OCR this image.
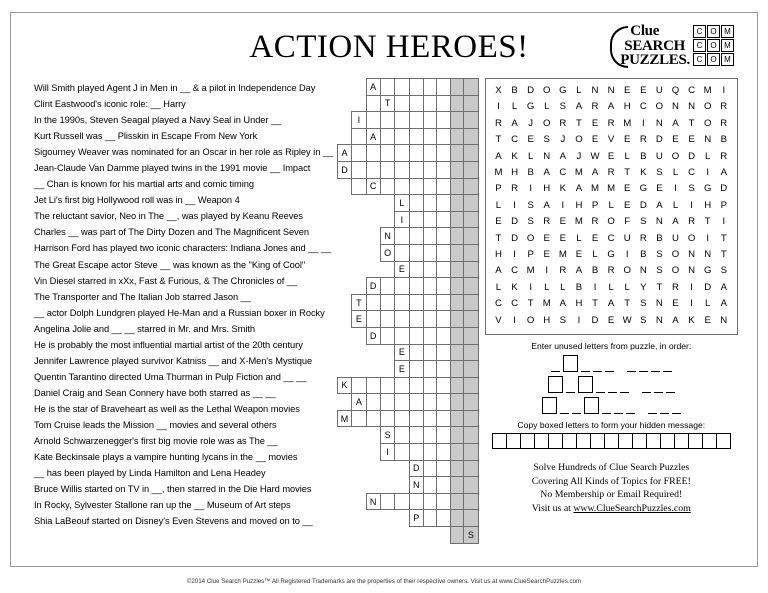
ACTION HEROES!	Clue
SEARCH
PUZZLES.
C O M
C O M
C O M
Will Smith played Agent J in Men in __ & a pilot in Independence Day
Clint Eastwood's iconic role: __ Harry
In the 1990s, Steven Seagal played a Navy Seal in Under __
Kurt Russell was __ Plisskin in Escape From New York
Sigourney Weaver was nominated for an Oscar in her role as Ripley in __
Jean-Claude Van Damme played twins in the 1991 movie __ Impact
__ Chan is known for his martial arts and comic timing
Jet Li's first big Hollywood roll was in __ Weapon 4
The reluctant savior, Neo in The __, was played by Keanu Reeves
Charles __ was part of The Dirty Dozen and The Magnificent Seven
Harrison Ford has played two iconic characters: Indiana Jones and __ __
The Great Escape actor Steve __ was known as the "King of Cool"
Vin Diesel starred in xXx, Fast & Furious, & The Chronicles of __
The Transporter and The Italian Job starred Jason __
__ actor Dolph Lundgren played He-Man and a Russian boxer in Rocky
Angelina Jolie and __ __ starred in Mr. and Mrs. Smith
He is probably the most influential martial artist of the 20th century
Jennifer Lawrence played survivor Katniss __ and X-Men's Mystique
Quentin Tarantino directed Uma Thurman in Pulp Fiction and __ __
Daniel Craig and Sean Connery have both starred as __ __
He is the star of Braveheart as well as the Lethal Weapon movies
Tom Cruise leads the Mission __ movies and several others
Arnold Schwarzenegger's first big movie role was as The __
Kate Beckinsale plays a vampire hunting lycans in the __ movies
__ has been played by Linda Hamilton and Lena Headey
Bruce Willis started on TV in __, then starred in the Die Hard movies
In Rocky, Sylvester Stallone ran up the __ Museum of Art steps
Shia LaBeouf started on Disney's Even Stevens and moved on to __
		A							
			T						
	I								
		A							
A									
D									
		C							
				L					
				I					
			N						
			O						
				E					
		D							
	T								
	E								
		D							
				E					
				E					
K									
	A								
M									
			S						
			I						
					D				
					N				
		N							
					P				
									S
X B D O G L	N N E E U Q C M	I
I	L G L	S A R A H C O N N O R
R A	J	O R T	E R M	I	N A	T O R
T C E S	J	O E V E R D E E N B
A K	L	N A	J W E	L	B U O D	L	R
M H B A C M A R T	K S	L	C	I	A
P R	I	H K A M M E G E	I	S G D
L	I	S A	I	H P	L	E D A	L	I	H P
E D S R E M R O F	S N A R T	I
T D O E E	L	E C U R B U O	I	T
H	I	P E M E	L G	I	B S O N N T
A C M	I	R A B R O N S O N G S
L	K	I	L	L	B	I	L	L	Y	T R	I	D A
C C T M A H T	A	T	S N E	I	L	A
V	I	O H S	I	D E W S N A K E N
Enter unused letters from puzzle, in order:
Copy boxed letters to form your hidden message:
Solve Hundreds of Clue Search Puzzles
Covering All Kinds of Topics for FREE!
No Membership or Email Required!
Visit us at www.ClueSearchPuzzles.com
©2014 Clue Search Puzzles™ All Registered Trademarks are the properties of their respective owners. Visit us at www.ClueSearchPuzzles.com
